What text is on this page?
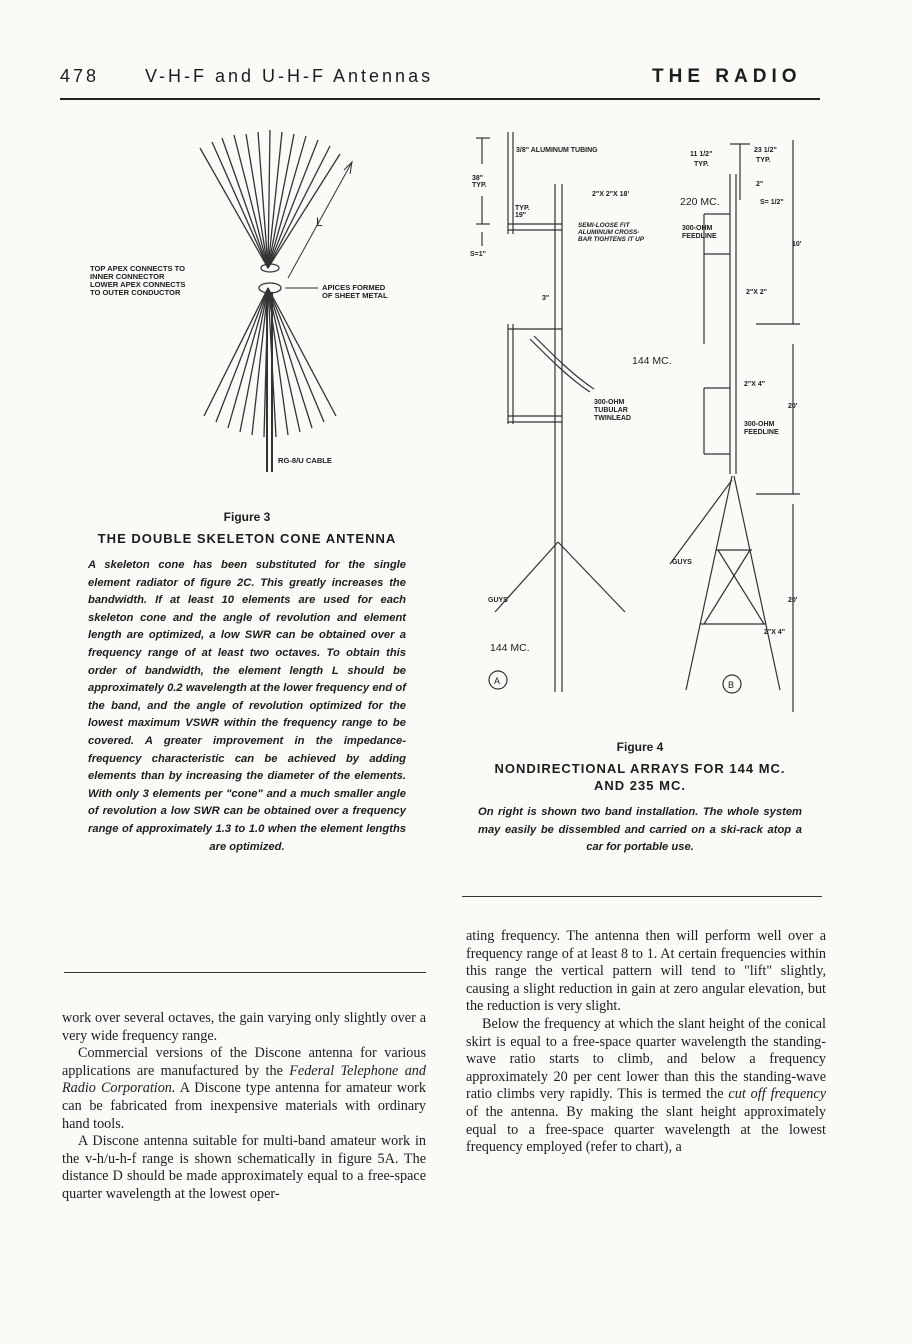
478	V-H-F and U-H-F Antennas	THE RADIO
L
TOP APEX CONNECTS TO INNER CONNECTOR LOWER APEX CONNECTS TO OUTER CONDUCTOR
APICES FORMED OF SHEET METAL
RG-8/U CABLE
Figure 3
THE DOUBLE SKELETON CONE ANTENNA
A skeleton cone has been substituted for the single element radiator of figure 2C. This greatly increases the bandwidth. If at least 10 elements are used for each skeleton cone and the angle of revolution and element length are optimized, a low SWR can be obtained over a frequency range of at least two octaves. To obtain this order of bandwidth, the element length L should be approximately 0.2 wavelength at the lower frequency end of the band, and the angle of revolution optimized for the lowest maximum VSWR within the frequency range to be covered. A greater improvement in the impedance-frequency characteristic can be achieved by adding elements than by increasing the diameter of the elements. With only 3 elements per "cone" and a much smaller angle of revolution a low SWR can be obtained over a frequency range of approximately 1.3 to 1.0 when the element lengths are optimized.
3/8" ALUMINUM TUBING
38"
TYP.
TYP.
19"
S=1"
2"X 2"X 18'
3"
SEMI-LOOSE FIT ALUMINUM CROSS- BAR TIGHTENS IT UP
300-OHM
TUBULAR
TWINLEAD
GUYS
11 1/2"
TYP.
23 1/2"
TYP.
2"
S= 1/2"
300-OHM
FEEDLINE
10'
2"X 2"
2"X 4"
20'
300-OHM
FEEDLINE
GUYS
20'
2"X 4"
144 MC.
220 MC.
144 MC.
A	B
Figure 4
NONDIRECTIONAL ARRAYS FOR 144 MC. AND 235 MC.
On right is shown two band installation. The whole system may easily be dissembled and carried on a ski-rack atop a car for portable use.

work over several octaves, the gain varying only slightly over a very wide frequency range.

Commercial versions of the Discone antenna for various applications are manufactured by the Federal Telephone and Radio Corporation. A Discone type antenna for amateur work can be fabricated from inexpensive materials with ordinary hand tools.

A Discone antenna suitable for multi-band amateur work in the v-h/u-h-f range is shown schematically in figure 5A. The distance D should be made approximately equal to a free-space quarter wavelength at the lowest oper-

ating frequency. The antenna then will perform well over a frequency range of at least 8 to 1. At certain frequencies within this range the vertical pattern will tend to "lift" slightly, causing a slight reduction in gain at zero angular elevation, but the reduction is very slight.

Below the frequency at which the slant height of the conical skirt is equal to a free-space quarter wavelength the standing-wave ratio starts to climb, and below a frequency approximately 20 per cent lower than this the standing-wave ratio climbs very rapidly. This is termed the cut off frequency of the antenna. By making the slant height approximately equal to a free-space quarter wavelength at the lowest frequency employed (refer to chart), a
